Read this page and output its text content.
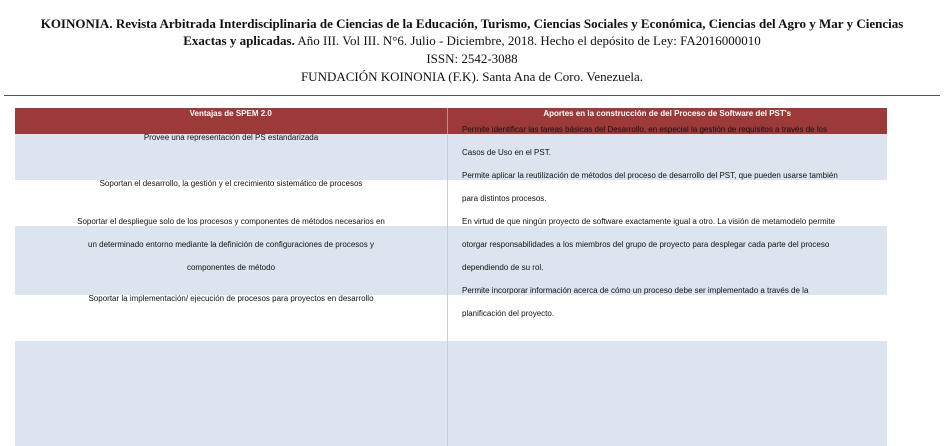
KOINONIA. Revista Arbitrada Interdisciplinaria de Ciencias de la Educación, Turismo, Ciencias Sociales y Económica, Ciencias del Agro y Mar y Ciencias Exactas y aplicadas. Año III. Vol III. N°6. Julio - Diciembre, 2018. Hecho el depósito de Ley: FA2016000010
ISSN: 2542-3088
FUNDACIÓN KOINONIA (F.K). Santa Ana de Coro. Venezuela.
Ventajas de SPEM 2.0	Aportes en la construcción de del Proceso de Software del PST's
Provee una representación del PS estandarizada
Permite identificar las tareas básicas del Desarrollo, en especial la gestión de requisitos a través de los
Casos de Uso en el PST.
Soportan el desarrollo, la gestión y el crecimiento sistemático de procesos
Permite aplicar la reutilización de métodos del proceso de desarrollo del PST, que pueden usarse también
para distintos procesos.
Soportar el despliegue solo de los procesos y componentes de métodos necesarios en
un determinado entorno mediante la definición de configuraciones de procesos y
componentes de método
En virtud de que ningún proyecto de software exactamente igual a otro. La visión de metamodelo permite
otorgar responsabilidades a los miembros del grupo de proyecto para desplegar cada parte del proceso
dependiendo de su rol.
Soportar la implementación/ ejecución de procesos para proyectos en desarrollo
Permite incorporar información acerca de cómo un proceso debe ser implementado a través de la
planificación del proyecto.
